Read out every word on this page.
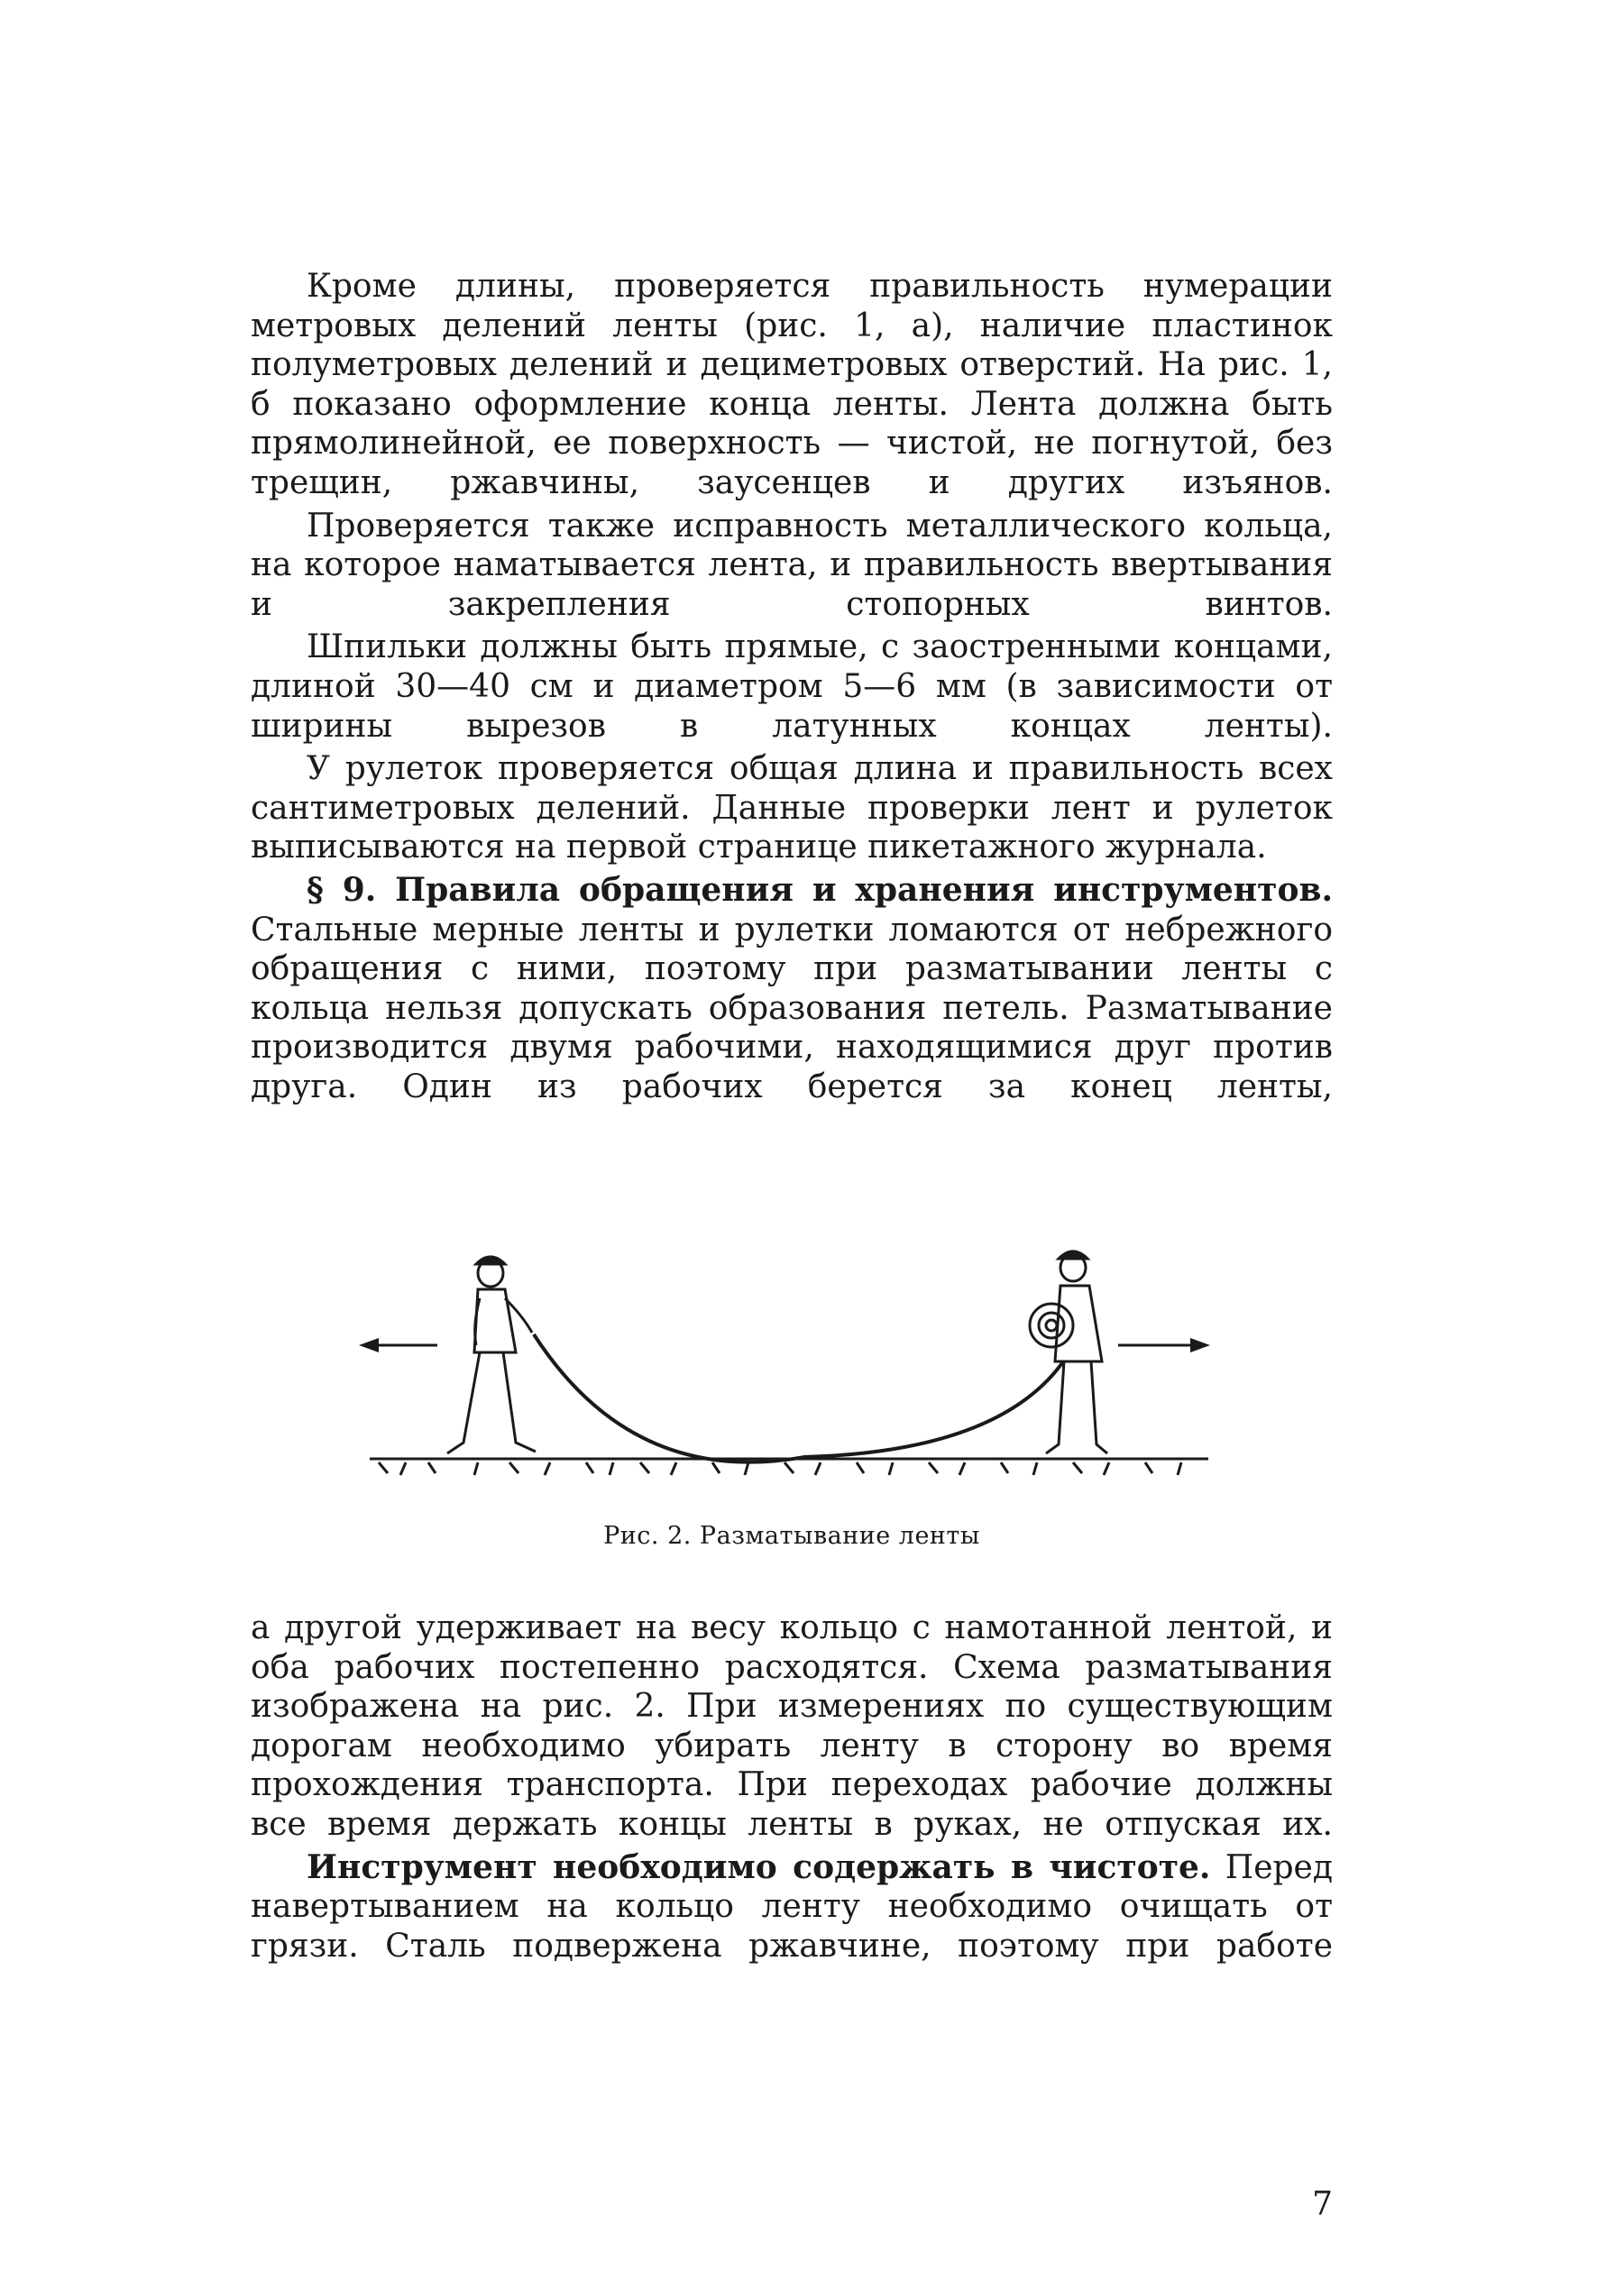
Кроме длины, проверяется правильность нумерации метровых делений ленты (рис. 1, а), наличие пластинок полуметровых делений и дециметровых отверстий. На рис. 1, б показано оформление конца ленты. Лента должна быть прямолинейной, ее поверхность — чистой, не погнутой, без трещин, ржавчины, заусенцев и других изъянов.

Проверяется также исправность металлического кольца, на которое наматывается лента, и правильность ввертывания и закрепления стопорных винтов.

Шпильки должны быть прямые, с заостренными концами, длиной 30—40 см и диаметром 5—6 мм (в зависимости от ширины вырезов в латунных концах ленты).

У рулеток проверяется общая длина и правильность всех сантиметровых делений. Данные проверки лент и рулеток выписываются на первой странице пикетажного журнала.

§ 9. Правила обращения и хранения инструментов. Стальные мерные ленты и рулетки ломаются от небрежного обращения с ними, поэтому при разматывании ленты с кольца нельзя допускать образования петель. Разматывание производится двумя рабочими, находящимися друг против друга. Один из рабочих берется за конец ленты,

Рис. 2. Разматывание ленты

а другой удерживает на весу кольцо с намотанной лентой, и оба рабочих постепенно расходятся. Схема разматывания изображена на рис. 2. При измерениях по существующим дорогам необходимо убирать ленту в сторону во время прохождения транспорта. При переходах рабочие должны все время держать концы ленты в руках, не отпуская их.

Инструмент необходимо содержать в чистоте. Перед навертыванием на кольцо ленту необходимо очищать от грязи. Сталь подвержена ржавчине, поэтому при работе

7
